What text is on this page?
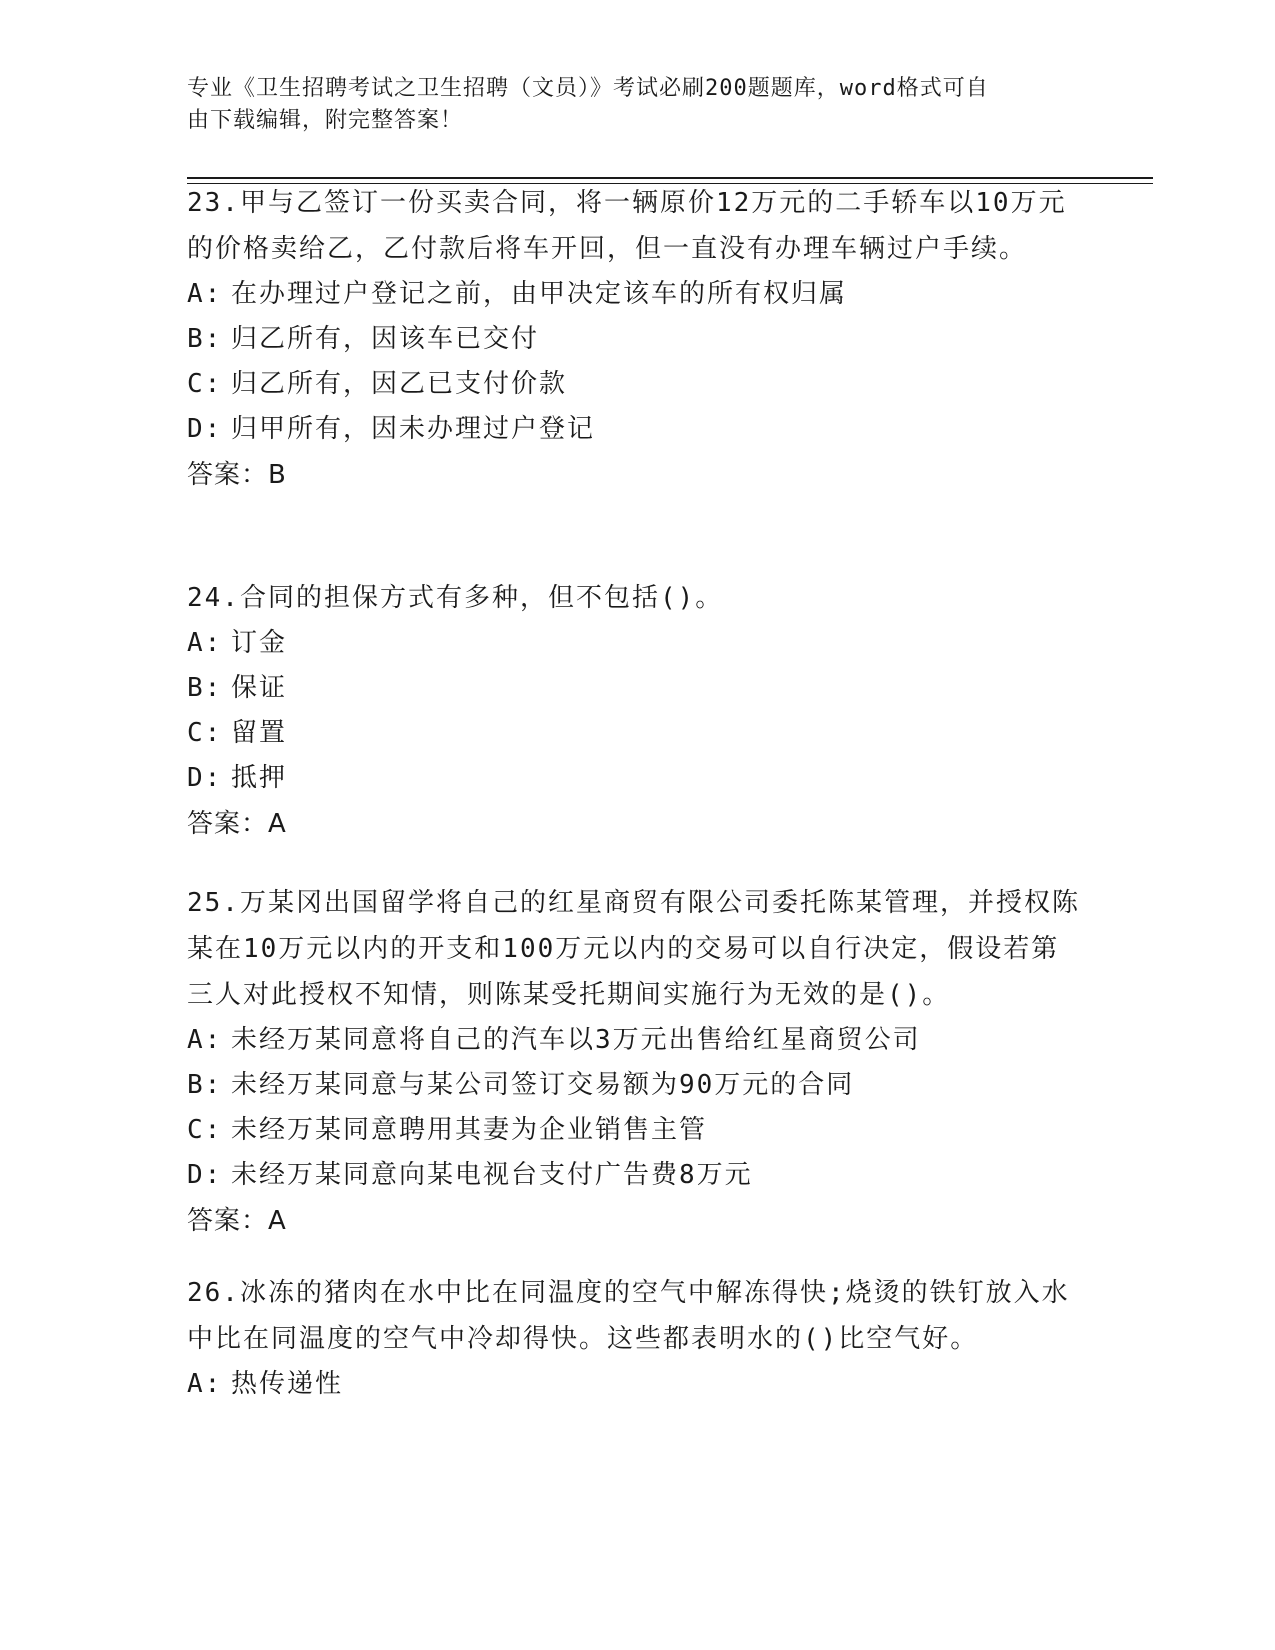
专业《卫生招聘考试之卫生招聘（文员）》考试必刷200题题库，word格式可自
由下载编辑，附完整答案！
23.甲与乙签订一份买卖合同，将一辆原价12万元的二手轿车以10万元的价格卖给乙，乙付款后将车开回，但一直没有办理车辆过户手续。
A: 在办理过户登记之前，由甲决定该车的所有权归属
B: 归乙所有，因该车已交付
C: 归乙所有，因乙已支付价款
D: 归甲所有，因未办理过户登记
答案：B
24.合同的担保方式有多种，但不包括()。
A: 订金
B: 保证
C: 留置
D: 抵押
答案：A
25.万某冈出国留学将自己的红星商贸有限公司委托陈某管理，并授权陈某在10万元以内的开支和100万元以内的交易可以自行决定，假设若第三人对此授权不知情，则陈某受托期间实施行为无效的是()。
A: 未经万某同意将自己的汽车以3万元出售给红星商贸公司
B: 未经万某同意与某公司签订交易额为90万元的合同
C: 未经万某同意聘用其妻为企业销售主管
D: 未经万某同意向某电视台支付广告费8万元
答案：A
26.冰冻的猪肉在水中比在同温度的空气中解冻得快;烧烫的铁钉放入水中比在同温度的空气中冷却得快。这些都表明水的()比空气好。
A: 热传递性
